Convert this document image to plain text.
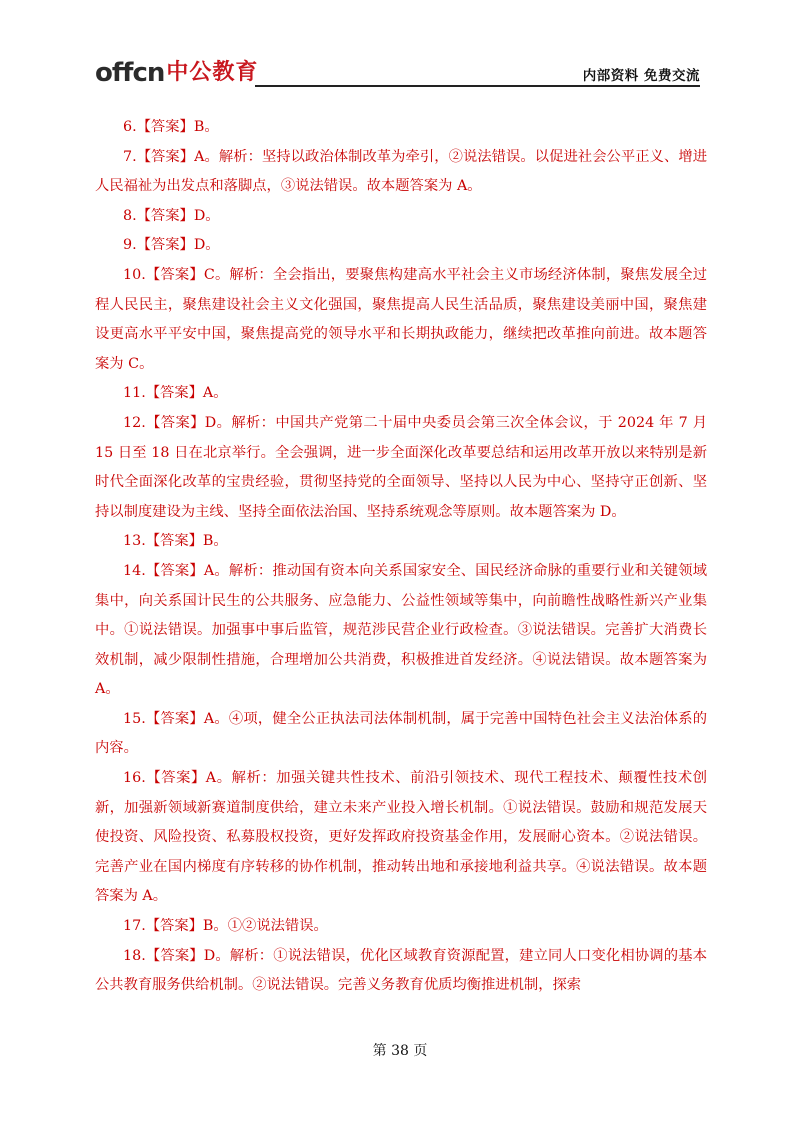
offcn 中公教育	内部资料 免费交流

6.【答案】B。

7.【答案】A。解析：坚持以政治体制改革为牵引，②说法错误。以促进社会公平正义、增进人民福祉为出发点和落脚点，③说法错误。故本题答案为 A。

8.【答案】D。

9.【答案】D。

10.【答案】C。解析：全会指出，要聚焦构建高水平社会主义市场经济体制，聚焦发展全过程人民民主，聚焦建设社会主义文化强国，聚焦提高人民生活品质，聚焦建设美丽中国，聚焦建设更高水平平安中国，聚焦提高党的领导水平和长期执政能力，继续把改革推向前进。故本题答案为 C。

11.【答案】A。

12.【答案】D。解析：中国共产党第二十届中央委员会第三次全体会议，于 2024 年 7 月 15 日至 18 日在北京举行。全会强调，进一步全面深化改革要总结和运用改革开放以来特别是新时代全面深化改革的宝贵经验，贯彻坚持党的全面领导、坚持以人民为中心、坚持守正创新、坚持以制度建设为主线、坚持全面依法治国、坚持系统观念等原则。故本题答案为 D。

13.【答案】B。

14.【答案】A。解析：推动国有资本向关系国家安全、国民经济命脉的重要行业和关键领域集中，向关系国计民生的公共服务、应急能力、公益性领域等集中，向前瞻性战略性新兴产业集中。①说法错误。加强事中事后监管，规范涉民营企业行政检查。③说法错误。完善扩大消费长效机制，减少限制性措施，合理增加公共消费，积极推进首发经济。④说法错误。故本题答案为 A。

15.【答案】A。④项，健全公正执法司法体制机制，属于完善中国特色社会主义法治体系的内容。

16.【答案】A。解析：加强关键共性技术、前沿引领技术、现代工程技术、颠覆性技术创新，加强新领域新赛道制度供给，建立未来产业投入增长机制。①说法错误。鼓励和规范发展天使投资、风险投资、私募股权投资，更好发挥政府投资基金作用，发展耐心资本。②说法错误。完善产业在国内梯度有序转移的协作机制，推动转出地和承接地利益共享。④说法错误。故本题答案为 A。

17.【答案】B。①②说法错误。

18.【答案】D。解析：①说法错误，优化区域教育资源配置，建立同人口变化相协调的基本公共教育服务供给机制。②说法错误。完善义务教育优质均衡推进机制，探索

第 38 页
